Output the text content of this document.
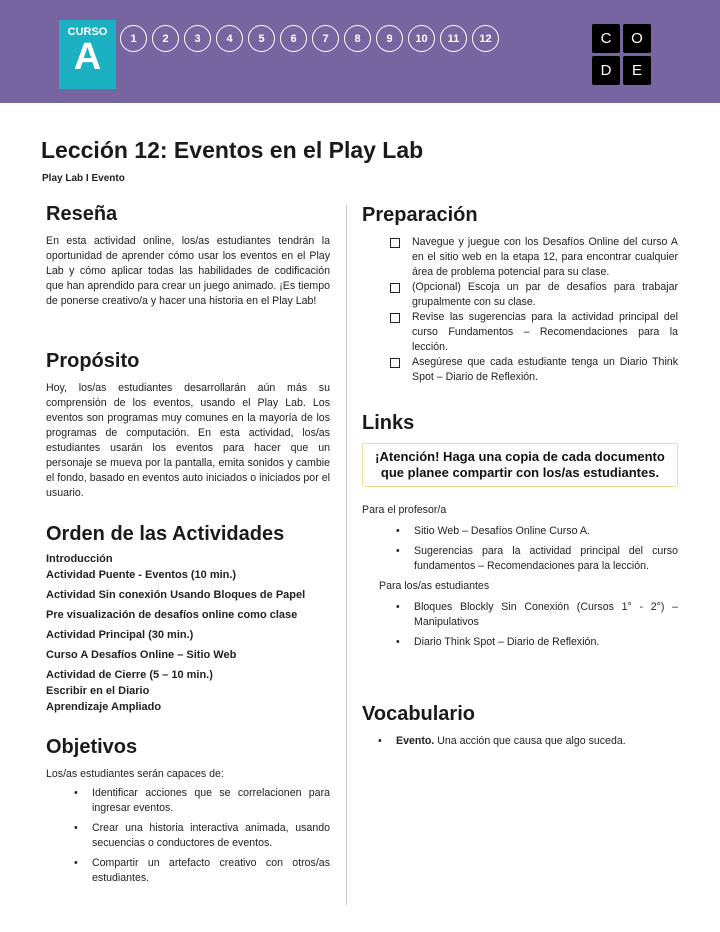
CURSO
A	1	2	3	4	5	6	7	8	9	10	11	12	C	O
D	E
Lección 12: Eventos en el Play Lab
Play Lab I Evento
Reseña

En esta actividad online, los/as estudiantes tendrán la oportunidad de aprender cómo usar los eventos en el Play Lab y cómo aplicar todas las habilidades de codificación que han aprendido para crear un juego animado. ¡Es tiempo de ponerse creativo/a y hacer una historia en el Play Lab!

Propósito

Hoy, los/as estudiantes desarrollarán aún más su comprensión de los eventos, usando el Play Lab. Los eventos son programas muy comunes en la mayoría de los programas de computación. En esta actividad, los/as estudiantes usarán los eventos para hacer que un personaje se mueva por la pantalla, emita sonidos y cambie el fondo, basado en eventos auto iniciados o iniciados por el usuario.

Orden de las Actividades
Introducción
Actividad Puente - Eventos (10 min.)
Actividad Sin conexión Usando Bloques de Papel
Pre visualización de desafíos online como clase
Actividad Principal (30 min.)
Curso A Desafíos Online – Sitio Web
Actividad de Cierre (5 – 10 min.)
Escribir en el Diario
Aprendizaje Ampliado
Objetivos

Los/as estudiantes serán capaces de:

• Identificar acciones que se correlacionen para ingresar eventos.
• Crear una historia interactiva animada, usando secuencias o conductores de eventos.
• Compartir un artefacto creativo con otros/as estudiantes.
Preparación
Navegue y juegue con los Desafíos Online del curso A en el sitio web en la etapa 12, para encontrar cualquier área de problema potencial para su clase.
(Opcional) Escoja un par de desafíos para trabajar grupalmente con su clase.
Revise las sugerencias para la actividad principal del curso Fundamentos – Recomendaciones para la lección.
Asegúrese que cada estudiante tenga un Diario Think Spot – Diario de Reflexión.
Links
¡Atención! Haga una copia de cada documento que planee compartir con los/as estudiantes.

Para el profesor/a

• Sitio Web – Desafíos Online Curso A.
• Sugerencias para la actividad principal del curso fundamentos – Recomendaciones para la lección.

Para los/as estudiantes

• Bloques Blockly Sin Conexión (Cursos 1° - 2°) – Manipulativos
• Diario Think Spot – Diario de Reflexión.
Vocabulario
• Evento. Una acción que causa que algo suceda.
